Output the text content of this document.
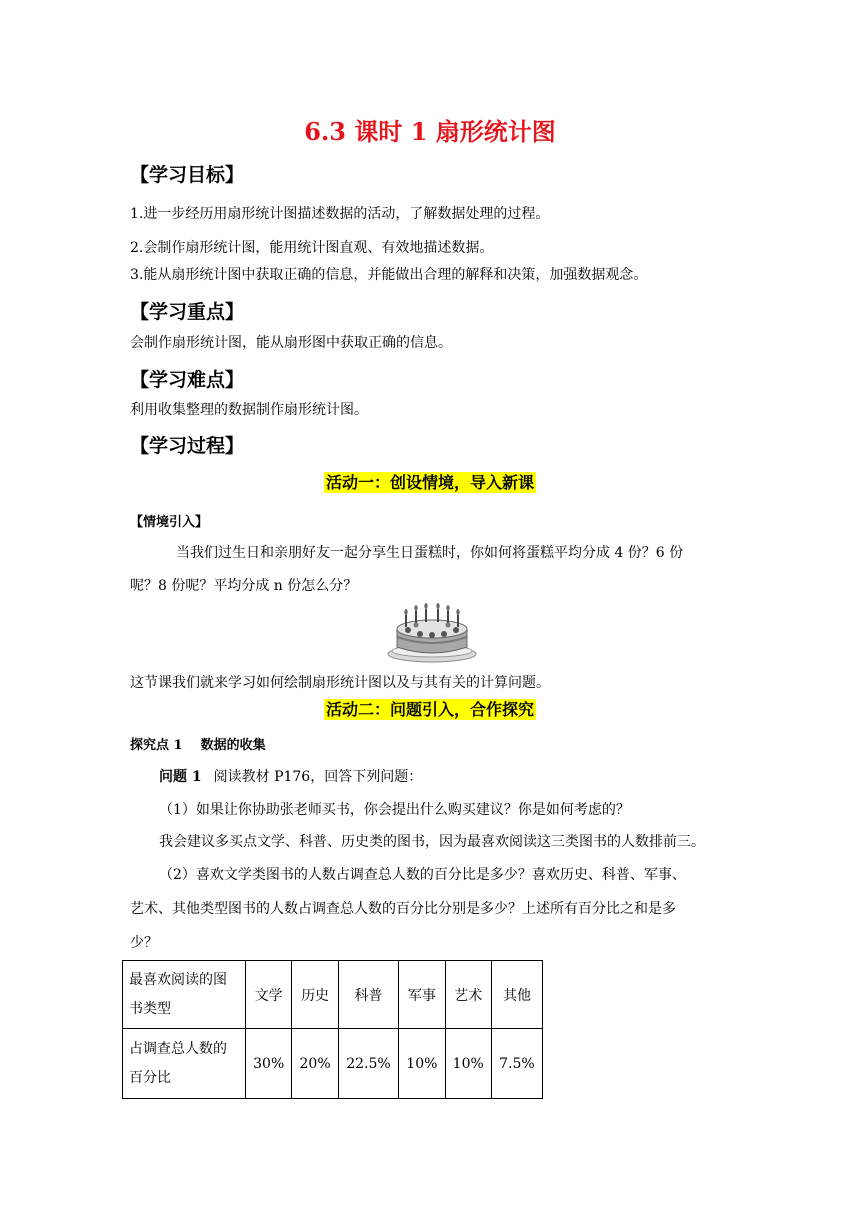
6.3 课时 1 扇形统计图
【学习目标】
1.进一步经历用扇形统计图描述数据的活动，了解数据处理的过程。
2.会制作扇形统计图，能用统计图直观、有效地描述数据。
3.能从扇形统计图中获取正确的信息，并能做出合理的解释和决策，加强数据观念。
【学习重点】
会制作扇形统计图，能从扇形图中获取正确的信息。
【学习难点】
利用收集整理的数据制作扇形统计图。
【学习过程】
活动一：创设情境，导入新课
【情境引入】
当我们过生日和亲朋好友一起分享生日蛋糕时，你如何将蛋糕平均分成 4 份？6 份
呢？8 份呢？平均分成 n 份怎么分？
这节课我们就来学习如何绘制扇形统计图以及与其有关的计算问题。
活动二：问题引入，合作探究
探究点 1    数据的收集
问题 1 阅读教材 P176，回答下列问题：
（1）如果让你协助张老师买书，你会提出什么购买建议？你是如何考虑的？
我会建议多买点文学、科普、历史类的图书，因为最喜欢阅读这三类图书的人数排前三。
（2）喜欢文学类图书的人数占调查总人数的百分比是多少？喜欢历史、科普、军事、
艺术、其他类型图书的人数占调查总人数的百分比分别是多少？上述所有百分比之和是多
少？
最喜欢阅读的图
书类型	文学	历史	科普	军事	艺术	其他

占调查总人数的
百分比	30%	20%	22.5%	10%	10%	7.5%
